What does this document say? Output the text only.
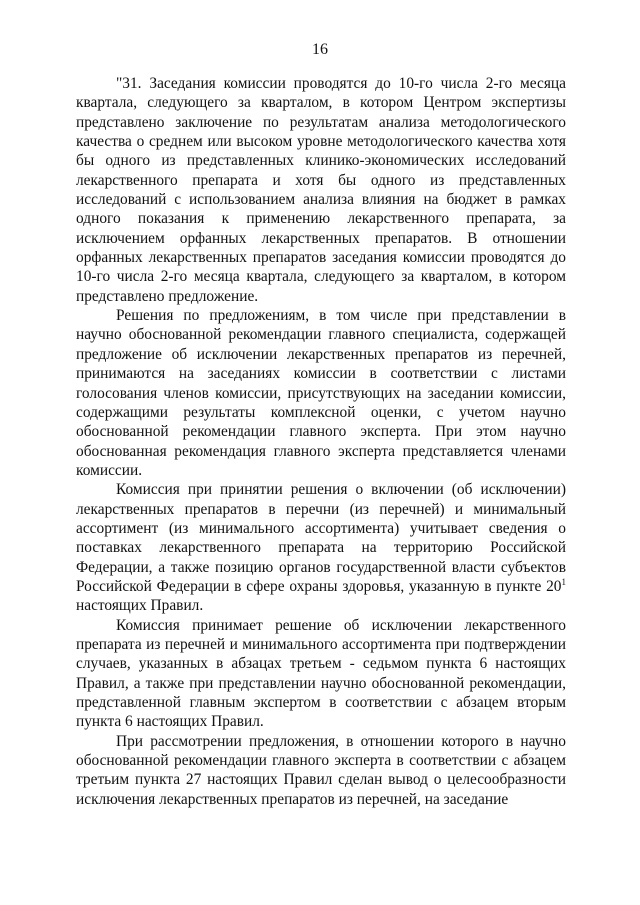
16

"31. Заседания комиссии проводятся до 10-го числа 2-го месяца квартала, следующего за кварталом, в котором Центром экспертизы представлено заключение по результатам анализа методологического качества о среднем или высоком уровне методологического качества хотя бы одного из представленных клинико-экономических исследований лекарственного препарата и хотя бы одного из представленных исследований с использованием анализа влияния на бюджет в рамках одного показания к применению лекарственного препарата, за исключением орфанных лекарственных препаратов. В отношении орфанных лекарственных препаратов заседания комиссии проводятся до 10-го числа 2-го месяца квартала, следующего за кварталом, в котором представлено предложение.

Решения по предложениям, в том числе при представлении в научно обоснованной рекомендации главного специалиста, содержащей предложение об исключении лекарственных препаратов из перечней, принимаются на заседаниях комиссии в соответствии с листами голосования членов комиссии, присутствующих на заседании комиссии, содержащими результаты комплексной оценки, с учетом научно обоснованной рекомендации главного эксперта. При этом научно обоснованная рекомендация главного эксперта представляется членами комиссии.

Комиссия при принятии решения о включении (об исключении) лекарственных препаратов в перечни (из перечней) и минимальный ассортимент (из минимального ассортимента) учитывает сведения о поставках лекарственного препарата на территорию Российской Федерации, а также позицию органов государственной власти субъектов Российской Федерации в сфере охраны здоровья, указанную в пункте $20^1$ настоящих Правил.

Комиссия принимает решение об исключении лекарственного препарата из перечней и минимального ассортимента при подтверждении случаев, указанных в абзацах третьем - седьмом пункта 6 настоящих Правил, а также при представлении научно обоснованной рекомендации, представленной главным экспертом в соответствии с абзацем вторым пункта 6 настоящих Правил.

При рассмотрении предложения, в отношении которого в научно обоснованной рекомендации главного эксперта в соответствии с абзацем третьим пункта 27 настоящих Правил сделан вывод о целесообразности исключения лекарственных препаратов из перечней, на заседание
